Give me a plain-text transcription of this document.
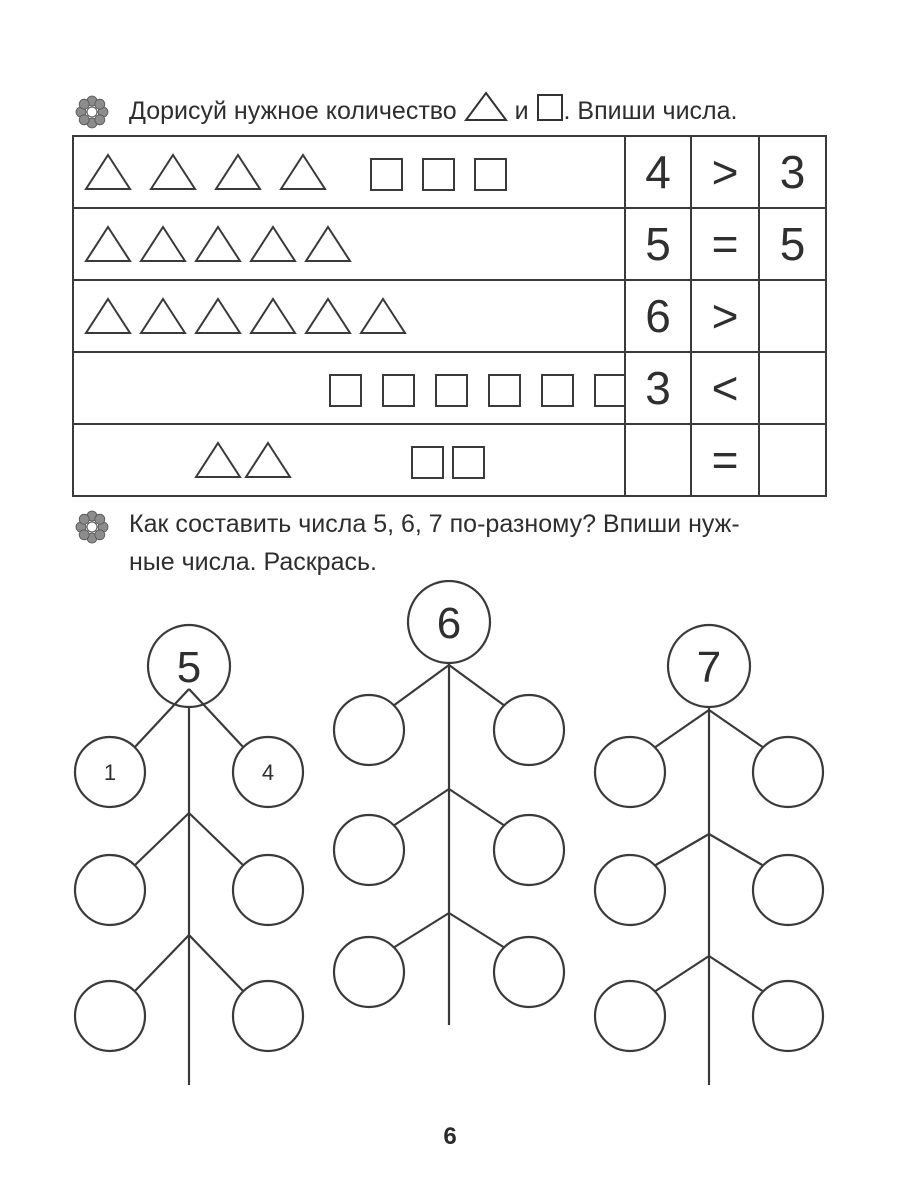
Дорисуй нужное количество и . Впиши числа.
	4	>	3

	5	=	5

	6	>	

	3	<	

		=	
Как составить числа 5, 6, 7 по-разному? Впиши нуж-
ные числа. Раскрась.
5
1	4
6
7
6
